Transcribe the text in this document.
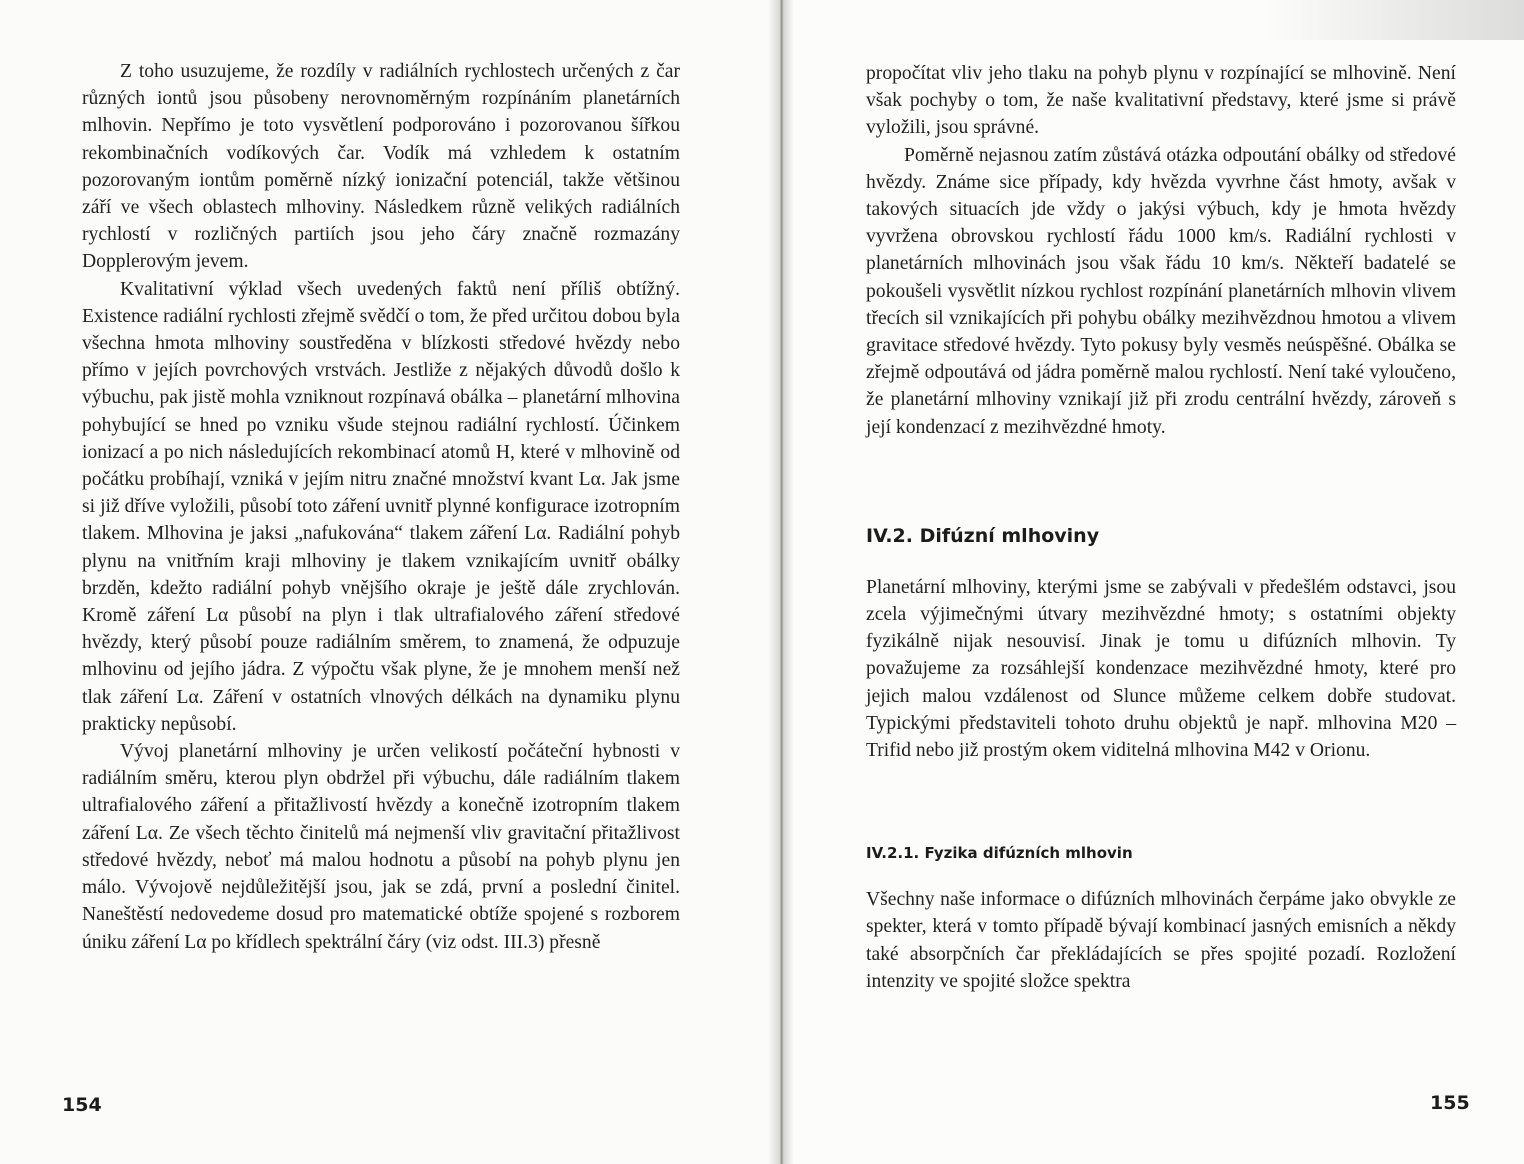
Z toho usuzujeme, že rozdíly v radiálních rychlostech určených z čar různých iontů jsou působeny nerovnoměrným rozpínáním planetárních mlhovin. Nepřímo je toto vysvětlení podporováno i pozorovanou šířkou rekombinačních vodíkových čar. Vodík má vzhledem k ostatním pozorovaným iontům poměrně nízký ionizační potenciál, takže většinou září ve všech oblastech mlhoviny. Následkem různě velikých radiálních rychlostí v rozličných partiích jsou jeho čáry značně rozmazány Dopplerovým jevem.

Kvalitativní výklad všech uvedených faktů není příliš obtížný. Existence radiální rychlosti zřejmě svědčí o tom, že před určitou dobou byla všechna hmota mlhoviny soustředěna v blízkosti středové hvězdy nebo přímo v jejích povrchových vrstvách. Jestliže z nějakých důvodů došlo k výbuchu, pak jistě mohla vzniknout rozpínavá obálka – planetární mlhovina pohybující se hned po vzniku všude stejnou radiální rychlostí. Účinkem ionizací a po nich následujících rekombinací atomů H, které v mlhovině od počátku probíhají, vzniká v jejím nitru značné množství kvant Lα. Jak jsme si již dříve vyložili, působí toto záření uvnitř plynné konfigurace izotropním tlakem. Mlhovina je jaksi „nafukována“ tlakem záření Lα. Radiální pohyb plynu na vnitřním kraji mlhoviny je tlakem vznikajícím uvnitř obálky brzděn, kdežto radiální pohyb vnějšího okraje je ještě dále zrychlován. Kromě záření Lα působí na plyn i tlak ultrafialového záření středové hvězdy, který působí pouze radiálním směrem, to znamená, že odpuzuje mlhovinu od jejího jádra. Z výpočtu však plyne, že je mnohem menší než tlak záření Lα. Záření v ostatních vlnových délkách na dynamiku plynu prakticky nepůsobí.

Vývoj planetární mlhoviny je určen velikostí počáteční hybnosti v radiálním směru, kterou plyn obdržel při výbuchu, dále radiálním tlakem ultrafialového záření a přitažlivostí hvězdy a konečně izotropním tlakem záření Lα. Ze všech těchto činitelů má nejmenší vliv gravitační přitažlivost středové hvězdy, neboť má malou hodnotu a působí na pohyb plynu jen málo. Vývojově nejdůležitější jsou, jak se zdá, první a poslední činitel. Naneštěstí nedovedeme dosud pro matematické obtíže spojené s rozborem úniku záření Lα po křídlech spektrální čáry (viz odst. III.3) přesně

154

propočítat vliv jeho tlaku na pohyb plynu v rozpínající se mlhovině. Není však pochyby o tom, že naše kvalitativní představy, které jsme si právě vyložili, jsou správné.

Poměrně nejasnou zatím zůstává otázka odpoutání obálky od středové hvězdy. Známe sice případy, kdy hvězda vyvrhne část hmoty, avšak v takových situacích jde vždy o jakýsi výbuch, kdy je hmota hvězdy vyvržena obrovskou rychlostí řádu 1000 km/s. Radiální rychlosti v planetárních mlhovinách jsou však řádu 10 km/s. Někteří badatelé se pokoušeli vysvětlit nízkou rychlost rozpínání planetárních mlhovin vlivem třecích sil vznikajících při pohybu obálky mezihvězdnou hmotou a vlivem gravitace středové hvězdy. Tyto pokusy byly vesměs neúspěšné. Obálka se zřejmě odpoutává od jádra poměrně malou rychlostí. Není také vyloučeno, že planetární mlhoviny vznikají již při zrodu centrální hvězdy, zároveň s její kondenzací z mezihvězdné hmoty.

IV.2. Difúzní mlhoviny

Planetární mlhoviny, kterými jsme se zabývali v předešlém odstavci, jsou zcela výjimečnými útvary mezihvězdné hmoty; s ostatními objekty fyzikálně nijak nesouvisí. Jinak je tomu u difúzních mlhovin. Ty považujeme za rozsáhlejší kondenzace mezihvězdné hmoty, které pro jejich malou vzdálenost od Slunce můžeme celkem dobře studovat. Typickými představiteli tohoto druhu objektů je např. mlhovina M20 – Trifid nebo již prostým okem viditelná mlhovina M42 v Orionu.

IV.2.1. Fyzika difúzních mlhovin

Všechny naše informace o difúzních mlhovinách čerpáme jako obvykle ze spekter, která v tomto případě bývají kombinací jasných emisních a někdy také absorpčních čar překládajících se přes spojité pozadí. Rozložení intenzity ve spojité složce spektra

155
